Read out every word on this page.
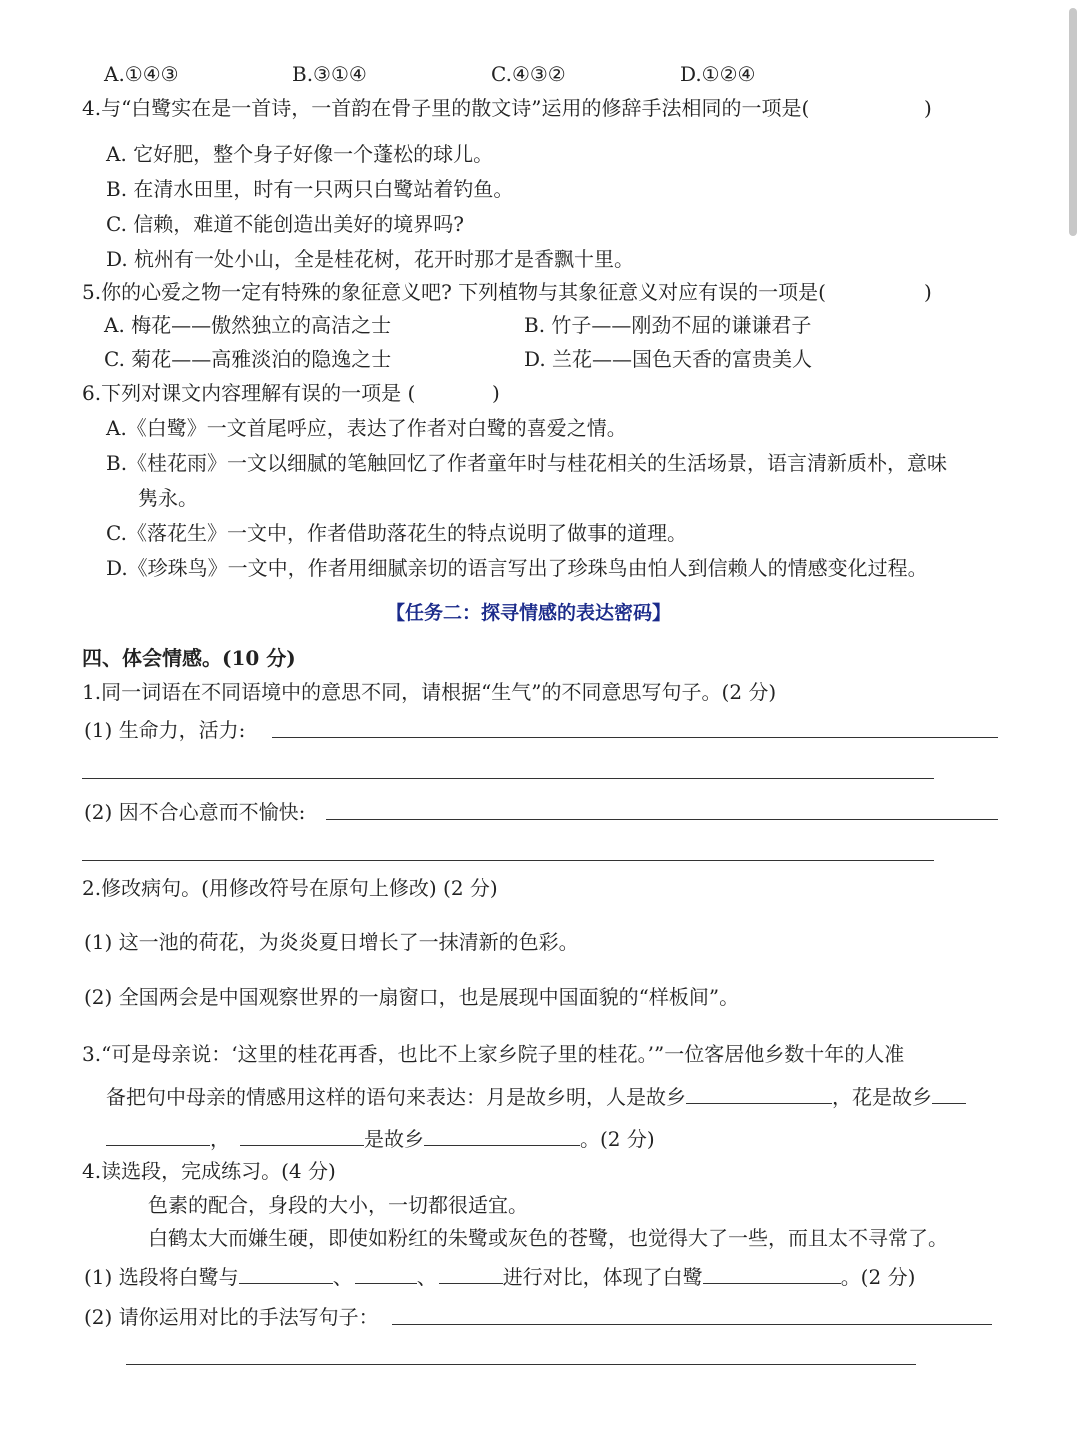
A.①④③	B.③①④	C.④③②	D.①②④
4.与“白鹭实在是一首诗，一首韵在骨子里的散文诗”运用的修辞手法相同的一项是(	)
A. 它好肥，整个身子好像一个蓬松的球儿。
B. 在清水田里，时有一只两只白鹭站着钓鱼。
C. 信赖，难道不能创造出美好的境界吗?
D. 杭州有一处小山，全是桂花树，花开时那才是香飘十里。
5.你的心爱之物一定有特殊的象征意义吧? 下列植物与其象征意义对应有误的一项是(	)
A. 梅花——傲然独立的高洁之士	B. 竹子——刚劲不屈的谦谦君子
C. 菊花——高雅淡泊的隐逸之士	D. 兰花——国色天香的富贵美人
6.下列对课文内容理解有误的一项是 (	)
A.《白鹭》一文首尾呼应，表达了作者对白鹭的喜爱之情。
B.《桂花雨》一文以细腻的笔触回忆了作者童年时与桂花相关的生活场景，语言清新质朴，意味
隽永。
C.《落花生》一文中，作者借助落花生的特点说明了做事的道理。
D.《珍珠鸟》一文中，作者用细腻亲切的语言写出了珍珠鸟由怕人到信赖人的情感变化过程。
【任务二：探寻情感的表达密码】
四、体会情感。(10 分)
1.同一词语在不同语境中的意思不同，请根据“生气”的不同意思写句子。(2 分)
(1) 生命力，活力:
(2) 因不合心意而不愉快:
2.修改病句。(用修改符号在原句上修改) (2 分)
(1) 这一池的荷花，为炎炎夏日增长了一抹清新的色彩。
(2) 全国两会是中国观察世界的一扇窗口，也是展现中国面貌的“样板间”。
3.“可是母亲说：‘这里的桂花再香，也比不上家乡院子里的桂花。’”一位客居他乡数十年的人准
备把句中母亲的情感用这样的语句来表达：月是故乡明，人是故乡	，花是故乡
，	是故乡	。(2 分)
4.读选段，完成练习。(4 分)
色素的配合，身段的大小，一切都很适宜。
白鹤太大而嫌生硬，即使如粉红的朱鹭或灰色的苍鹭，也觉得大了一些，而且太不寻常了。
(1) 选段将白鹭与	、	、	进行对比，体现了白鹭	。(2 分)
(2) 请你运用对比的手法写句子：
